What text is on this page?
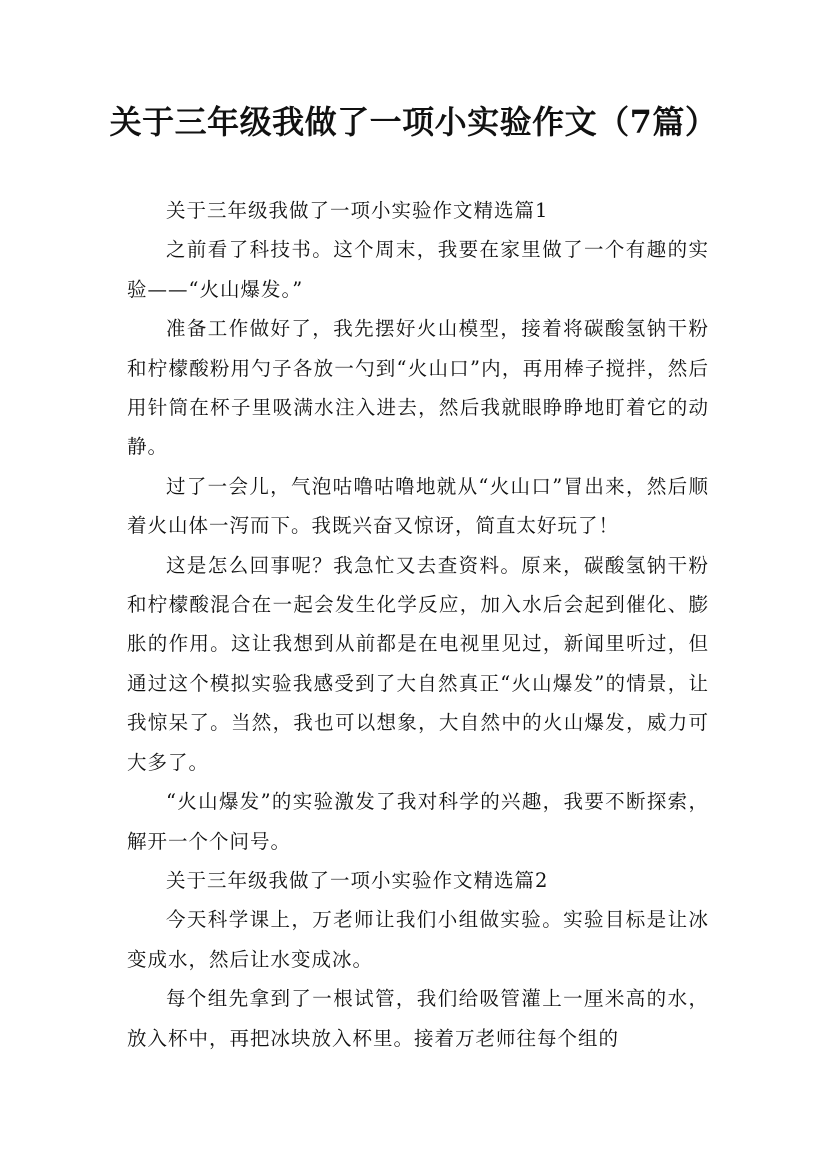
关于三年级我做了一项小实验作文（7篇）

关于三年级我做了一项小实验作文精选篇1

之前看了科技书。这个周末，我要在家里做了一个有趣的实验——“火山爆发。”

准备工作做好了，我先摆好火山模型，接着将碳酸氢钠干粉和柠檬酸粉用勺子各放一勺到“火山口”内，再用棒子搅拌，然后用针筒在杯子里吸满水注入进去，然后我就眼睁睁地盯着它的动静。

过了一会儿，气泡咕噜咕噜地就从“火山口”冒出来，然后顺着火山体一泻而下。我既兴奋又惊讶，简直太好玩了！

这是怎么回事呢？我急忙又去查资料。原来，碳酸氢钠干粉和柠檬酸混合在一起会发生化学反应，加入水后会起到催化、膨胀的作用。这让我想到从前都是在电视里见过，新闻里听过，但通过这个模拟实验我感受到了大自然真正“火山爆发”的情景，让我惊呆了。当然，我也可以想象，大自然中的火山爆发，威力可大多了。

“火山爆发”的实验激发了我对科学的兴趣，我要不断探索，解开一个个问号。

关于三年级我做了一项小实验作文精选篇2

今天科学课上，万老师让我们小组做实验。实验目标是让冰变成水，然后让水变成冰。

每个组先拿到了一根试管，我们给吸管灌上一厘米高的水，放入杯中，再把冰块放入杯里。接着万老师往每个组的
